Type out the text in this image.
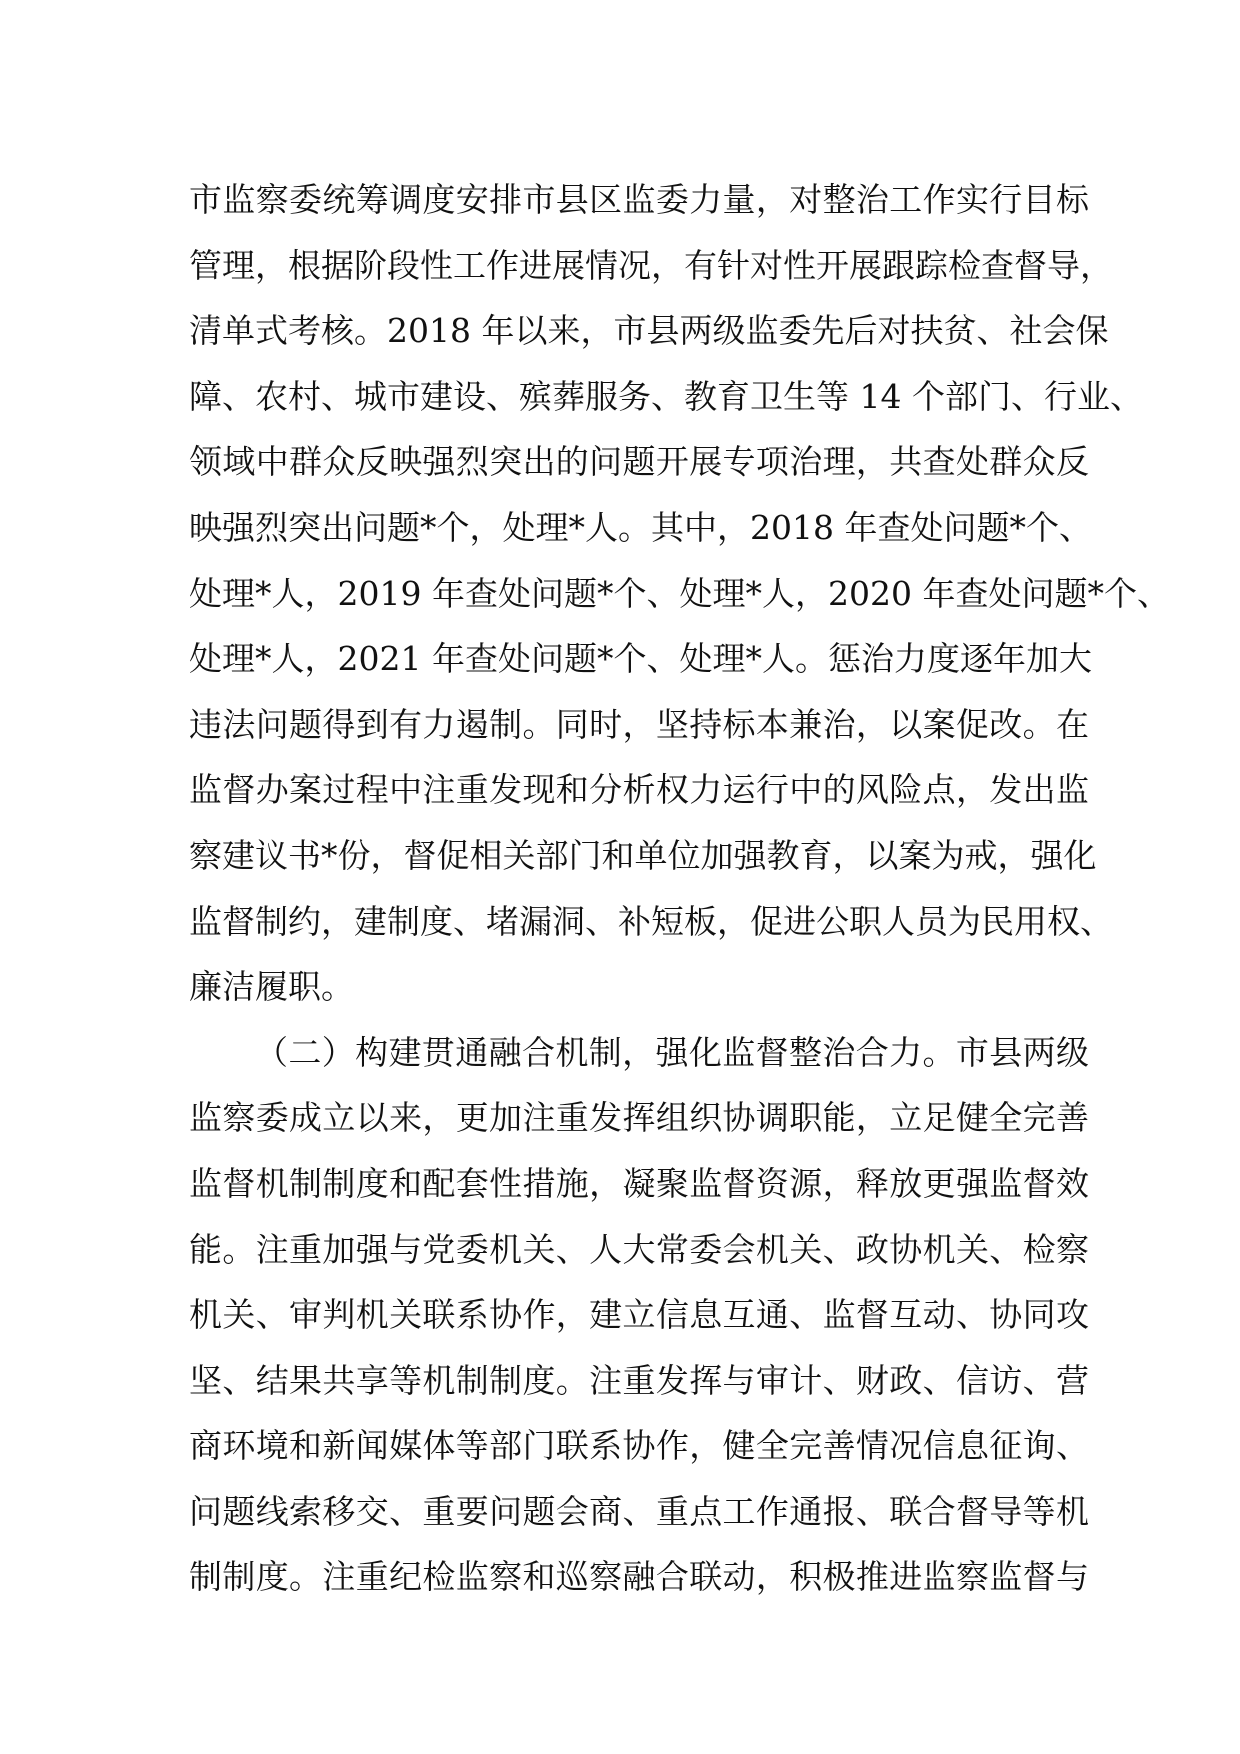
市监察委统筹调度安排市县区监委力量，对整治工作实行目标
管理，根据阶段性工作进展情况，有针对性开展跟踪检查督导，
清单式考核。2018 年以来，市县两级监委先后对扶贫、社会保
障、农村、城市建设、殡葬服务、教育卫生等 14 个部门、行业、
领域中群众反映强烈突出的问题开展专项治理，共查处群众反
映强烈突出问题*个，处理*人。其中，2018 年查处问题*个、
处理*人，2019 年查处问题*个、处理*人，2020 年查处问题*个、
处理*人，2021 年查处问题*个、处理*人。惩治力度逐年加大
违法问题得到有力遏制。同时，坚持标本兼治，以案促改。在
监督办案过程中注重发现和分析权力运行中的风险点，发出监
察建议书*份，督促相关部门和单位加强教育，以案为戒，强化
监督制约，建制度、堵漏洞、补短板，促进公职人员为民用权、
廉洁履职。
（二）构建贯通融合机制，强化监督整治合力。市县两级
监察委成立以来，更加注重发挥组织协调职能，立足健全完善
监督机制制度和配套性措施，凝聚监督资源，释放更强监督效
能。注重加强与党委机关、人大常委会机关、政协机关、检察
机关、审判机关联系协作，建立信息互通、监督互动、协同攻
坚、结果共享等机制制度。注重发挥与审计、财政、信访、营
商环境和新闻媒体等部门联系协作，健全完善情况信息征询、
问题线索移交、重要问题会商、重点工作通报、联合督导等机
制制度。注重纪检监察和巡察融合联动，积极推进监察监督与
